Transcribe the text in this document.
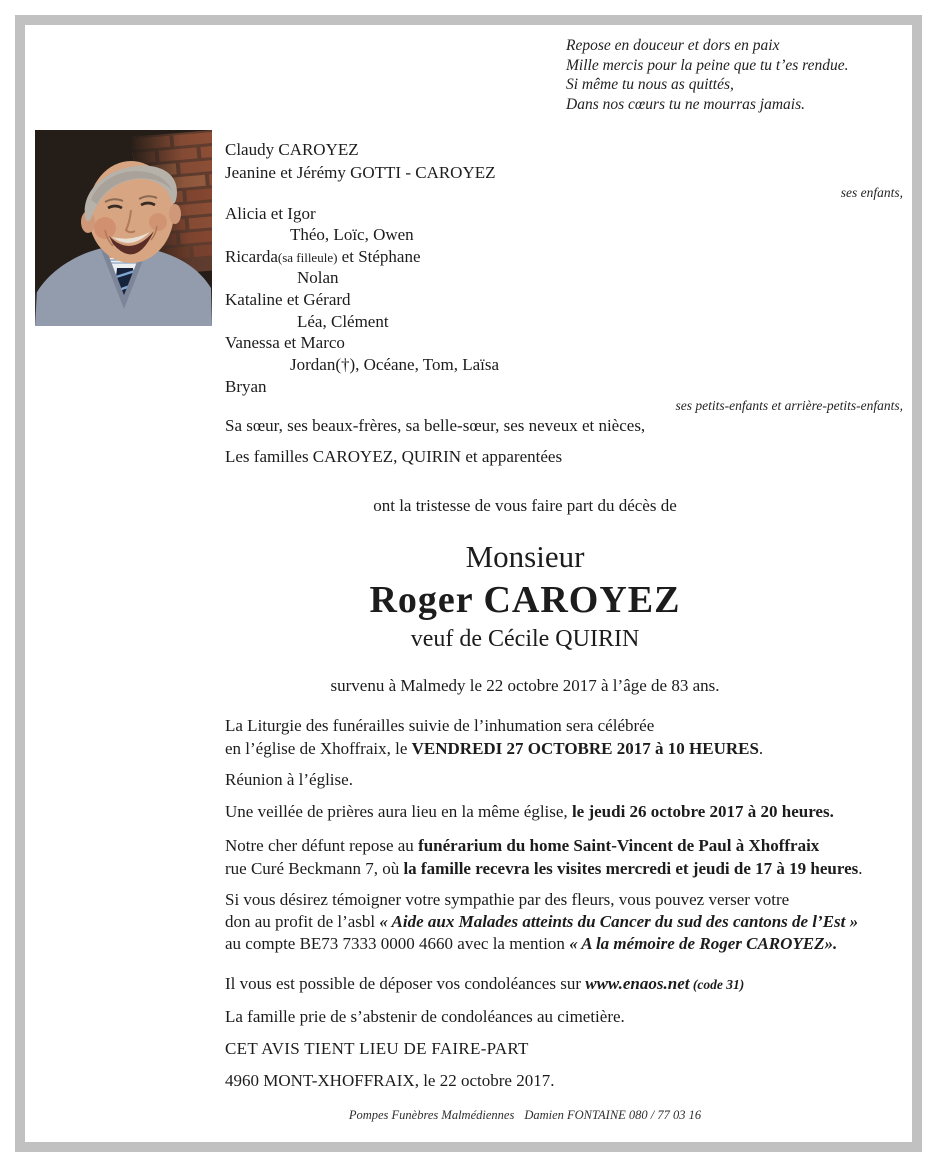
Repose en douceur et dors en paix
Mille mercis pour la peine que tu t’es rendue.
Si même tu nous as quittés,
Dans nos cœurs tu ne mourras jamais.
Claudy CAROYEZ
Jeanine et Jérémy GOTTI - CAROYEZ
ses enfants,
Alicia et Igor
Théo, Loïc, Owen
Ricarda(sa filleule) et Stéphane
Nolan
Kataline et Gérard
Léa, Clément
Vanessa et Marco
Jordan(†), Océane, Tom, Laïsa
Bryan
ses petits-enfants et arrière-petits-enfants,
Sa sœur, ses beaux-frères, sa belle-sœur, ses neveux et nièces,
Les familles CAROYEZ, QUIRIN et apparentées
ont la tristesse de vous faire part du décès de
Monsieur
Roger CAROYEZ
veuf de Cécile QUIRIN
survenu à Malmedy le 22 octobre 2017 à l’âge de 83 ans.
La Liturgie des funérailles suivie de l’inhumation sera célébrée
en l’église de Xhoffraix, le VENDREDI 27 OCTOBRE 2017 à 10 HEURES.
Réunion à l’église.
Une veillée de prières aura lieu en la même église, le jeudi 26 octobre 2017 à 20 heures.
Notre cher défunt repose au funérarium du home Saint-Vincent de Paul à Xhoffraix
rue Curé Beckmann 7, où la famille recevra les visites mercredi et jeudi de 17 à 19 heures.
Si vous désirez témoigner votre sympathie par des fleurs, vous pouvez verser votre
don au profit de l’asbl « Aide aux Malades atteints du Cancer du sud des cantons de l’Est »
au compte BE73 7333 0000 4660 avec la mention « A la mémoire de Roger CAROYEZ».
Il vous est possible de déposer vos condoléances sur www.enaos.net (code 31)
La famille prie de s’abstenir de condoléances au cimetière.
CET AVIS TIENT LIEU DE FAIRE-PART
4960 MONT-XHOFFRAIX, le 22 octobre 2017.
Pompes Funèbres Malmédiennes Damien FONTAINE 080 / 77 03 16
